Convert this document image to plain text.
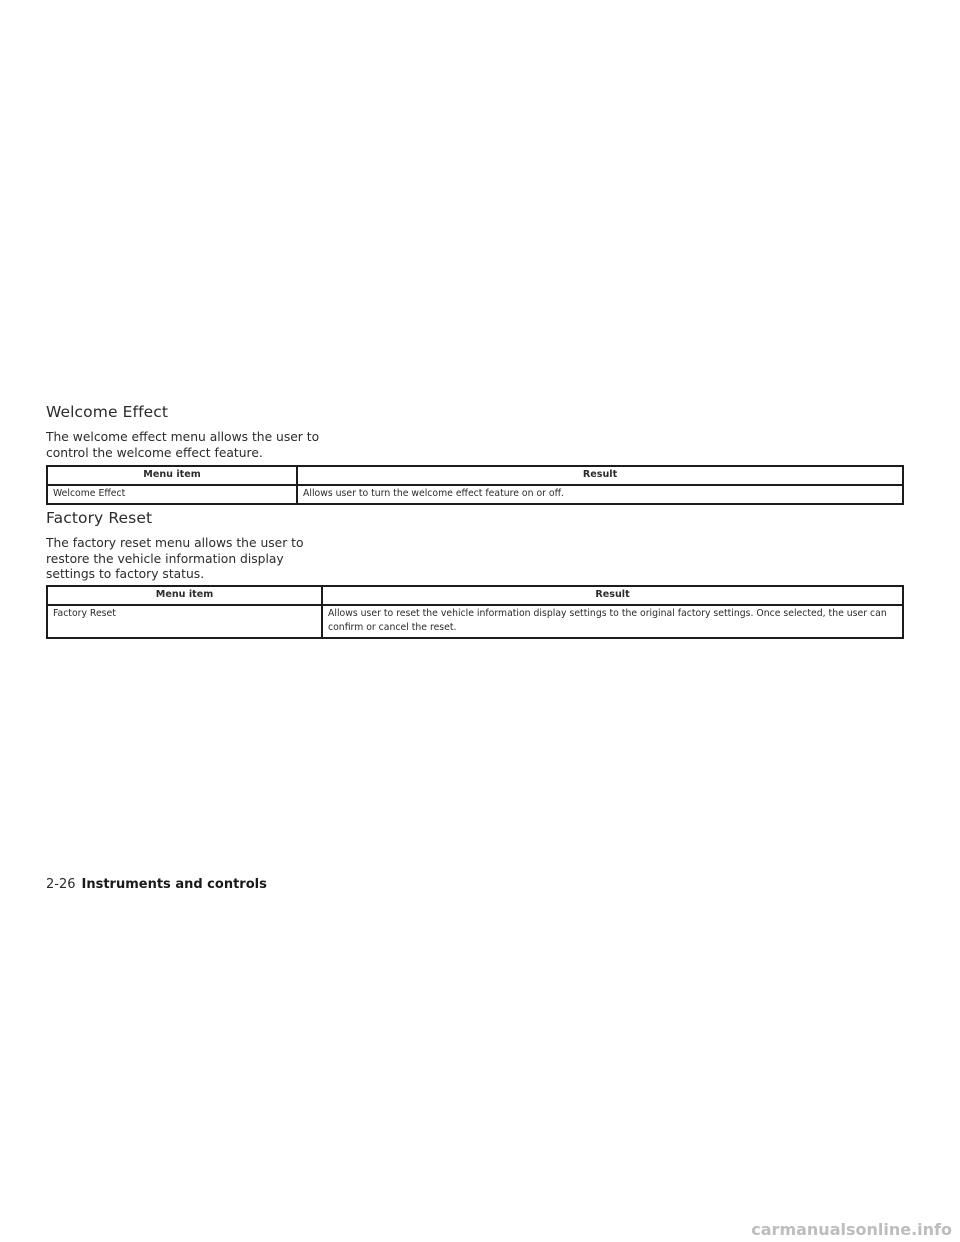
Welcome Effect

The welcome effect menu allows the user to control the welcome effect feature.

Menu item	Result
Welcome Effect	Allows user to turn the welcome effect feature on or off.
Factory Reset

The factory reset menu allows the user to restore the vehicle information display settings to factory status.

Menu item	Result
Factory Reset	Allows user to reset the vehicle information display settings to the original factory settings. Once selected, the user can confirm or cancel the reset.
2-26 Instruments and controls
carmanualsonline.info
